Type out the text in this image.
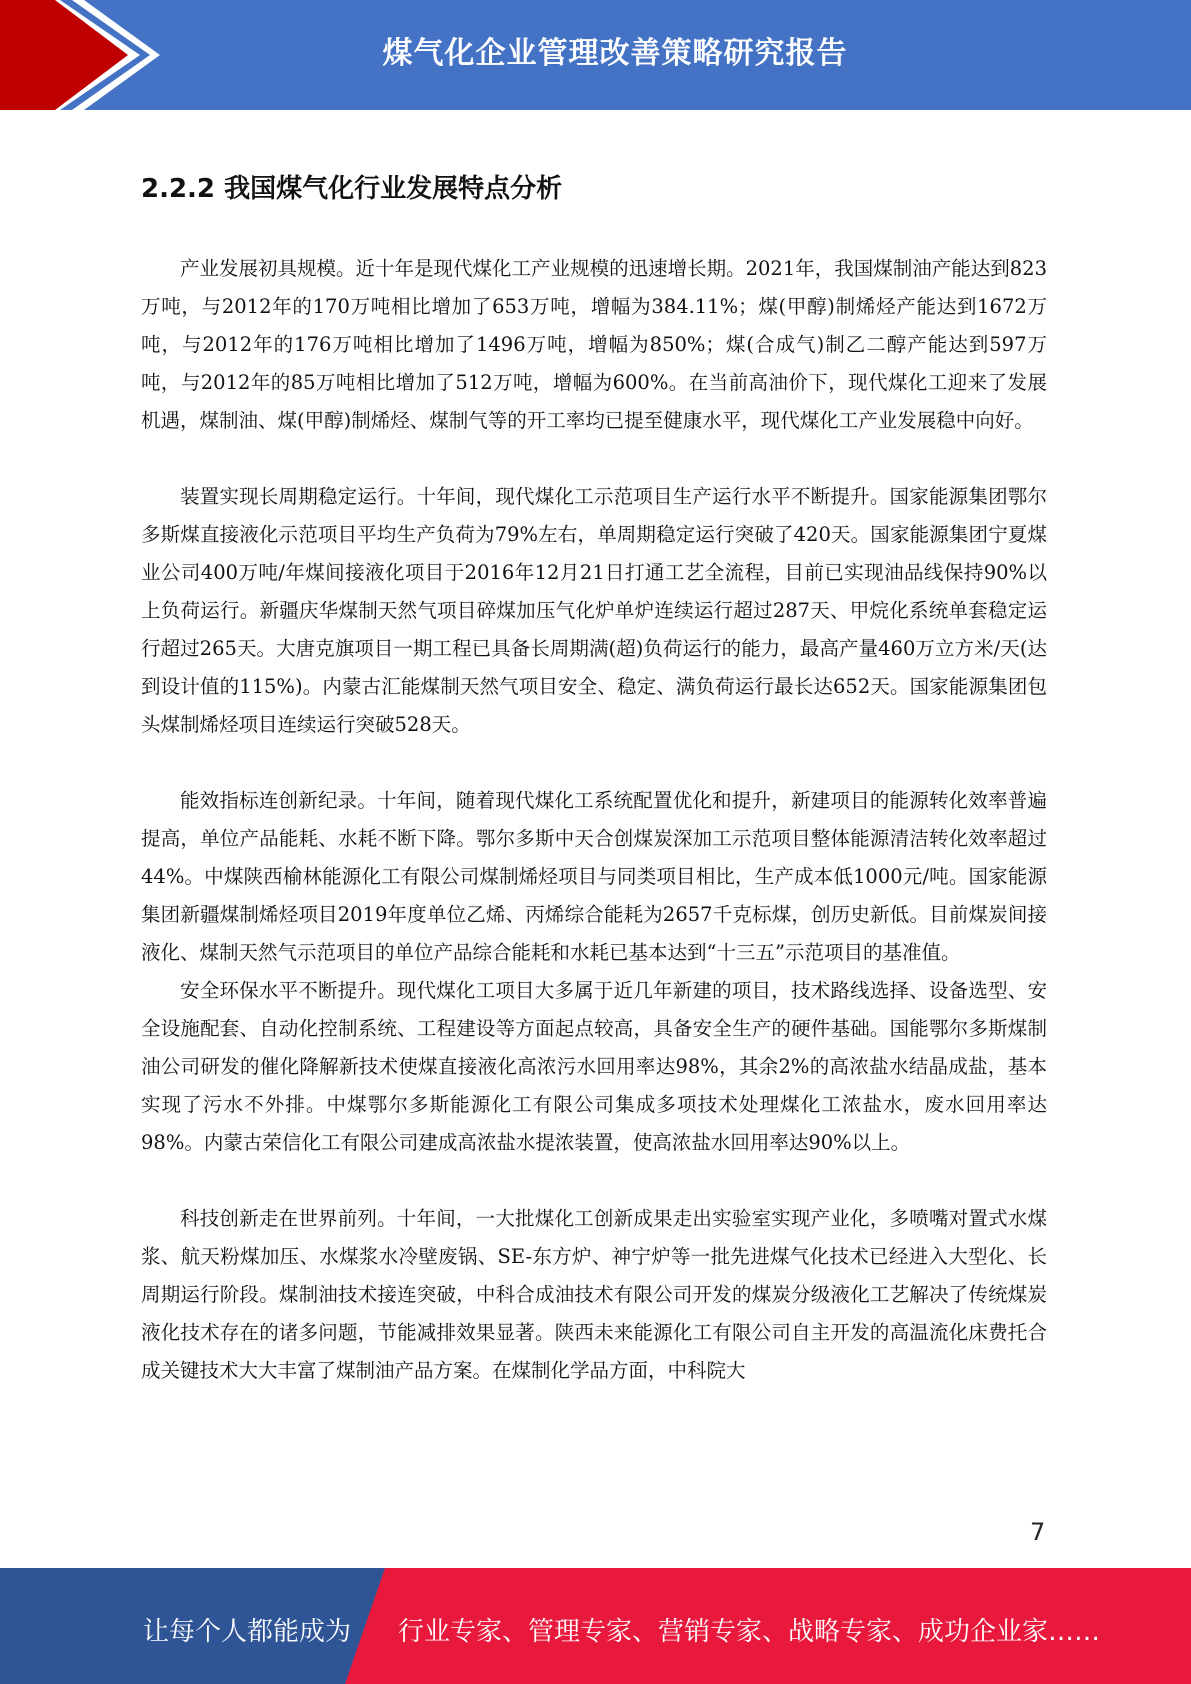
煤气化企业管理改善策略研究报告
2.2.2 我国煤气化行业发展特点分析

产业发展初具规模。近十年是现代煤化工产业规模的迅速增长期。2021年，我国煤制油产能达到823万吨，与2012年的170万吨相比增加了653万吨，增幅为384.11%；煤(甲醇)制烯烃产能达到1672万吨，与2012年的176万吨相比增加了1496万吨，增幅为850%；煤(合成气)制乙二醇产能达到597万吨，与2012年的85万吨相比增加了512万吨，增幅为600%。在当前高油价下，现代煤化工迎来了发展机遇，煤制油、煤(甲醇)制烯烃、煤制气等的开工率均已提至健康水平，现代煤化工产业发展稳中向好。

装置实现长周期稳定运行。十年间，现代煤化工示范项目生产运行水平不断提升。国家能源集团鄂尔多斯煤直接液化示范项目平均生产负荷为79%左右，单周期稳定运行突破了420天。国家能源集团宁夏煤业公司400万吨/年煤间接液化项目于2016年12月21日打通工艺全流程，目前已实现油品线保持90%以上负荷运行。新疆庆华煤制天然气项目碎煤加压气化炉单炉连续运行超过287天、甲烷化系统单套稳定运行超过265天。大唐克旗项目一期工程已具备长周期满(超)负荷运行的能力，最高产量460万立方米/天(达到设计值的115%)。内蒙古汇能煤制天然气项目安全、稳定、满负荷运行最长达652天。国家能源集团包头煤制烯烃项目连续运行突破528天。

能效指标连创新纪录。十年间，随着现代煤化工系统配置优化和提升，新建项目的能源转化效率普遍提高，单位产品能耗、水耗不断下降。鄂尔多斯中天合创煤炭深加工示范项目整体能源清洁转化效率超过44%。中煤陕西榆林能源化工有限公司煤制烯烃项目与同类项目相比，生产成本低1000元/吨。国家能源集团新疆煤制烯烃项目2019年度单位乙烯、丙烯综合能耗为2657千克标煤，创历史新低。目前煤炭间接液化、煤制天然气示范项目的单位产品综合能耗和水耗已基本达到“十三五”示范项目的基准值。

安全环保水平不断提升。现代煤化工项目大多属于近几年新建的项目，技术路线选择、设备选型、安全设施配套、自动化控制系统、工程建设等方面起点较高，具备安全生产的硬件基础。国能鄂尔多斯煤制油公司研发的催化降解新技术使煤直接液化高浓污水回用率达98%，其余2%的高浓盐水结晶成盐，基本实现了污水不外排。中煤鄂尔多斯能源化工有限公司集成多项技术处理煤化工浓盐水，废水回用率达98%。内蒙古荣信化工有限公司建成高浓盐水提浓装置，使高浓盐水回用率达90%以上。

科技创新走在世界前列。十年间，一大批煤化工创新成果走出实验室实现产业化，多喷嘴对置式水煤浆、航天粉煤加压、水煤浆水冷壁废锅、SE-东方炉、神宁炉等一批先进煤气化技术已经进入大型化、长周期运行阶段。煤制油技术接连突破，中科合成油技术有限公司开发的煤炭分级液化工艺解决了传统煤炭液化技术存在的诸多问题，节能减排效果显著。陕西未来能源化工有限公司自主开发的高温流化床费托合成关键技术大大丰富了煤制油产品方案。在煤制化学品方面，中科院大

7
让每个人都能成为 行业专家、管理专家、营销专家、战略专家、成功企业家……
